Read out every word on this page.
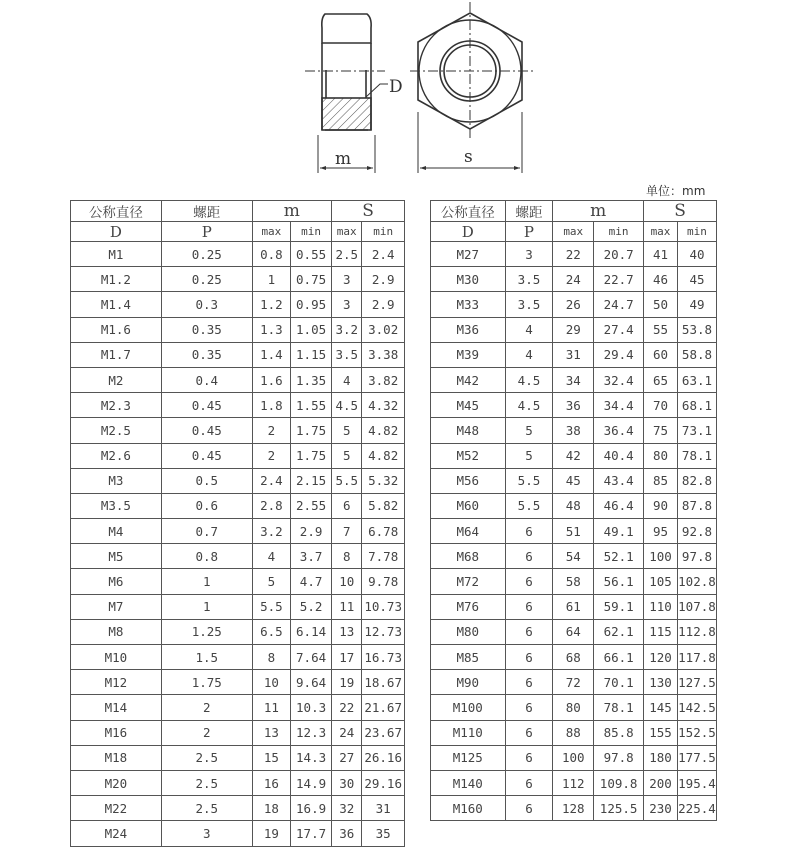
D
m	s
单位：mm
公称直径	螺距	m		S	

D	P	max	min	max	min
M1	0.25	0.8	0.55	2.5	2.4
M1.2	0.25	1	0.75	3	2.9
M1.4	0.3	1.2	0.95	3	2.9
M1.6	0.35	1.3	1.05	3.2	3.02
M1.7	0.35	1.4	1.15	3.5	3.38
M2	0.4	1.6	1.35	4	3.82
M2.3	0.45	1.8	1.55	4.5	4.32
M2.5	0.45	2	1.75	5	4.82
M2.6	0.45	2	1.75	5	4.82
M3	0.5	2.4	2.15	5.5	5.32
M3.5	0.6	2.8	2.55	6	5.82
M4	0.7	3.2	2.9	7	6.78
M5	0.8	4	3.7	8	7.78
M6	1	5	4.7	10	9.78
M7	1	5.5	5.2	11	10.73
M8	1.25	6.5	6.14	13	12.73
M10	1.5	8	7.64	17	16.73
M12	1.75	10	9.64	19	18.67
M14	2	11	10.3	22	21.67
M16	2	13	12.3	24	23.67
M18	2.5	15	14.3	27	26.16
M20	2.5	16	14.9	30	29.16
M22	2.5	18	16.9	32	31
M24	3	19	17.7	36	35
公称直径	螺距	m		S	

D	P	max	min	max	min
M27	3	22	20.7	41	40
M30	3.5	24	22.7	46	45
M33	3.5	26	24.7	50	49
M36	4	29	27.4	55	53.8
M39	4	31	29.4	60	58.8
M42	4.5	34	32.4	65	63.1
M45	4.5	36	34.4	70	68.1
M48	5	38	36.4	75	73.1
M52	5	42	40.4	80	78.1
M56	5.5	45	43.4	85	82.8
M60	5.5	48	46.4	90	87.8
M64	6	51	49.1	95	92.8
M68	6	54	52.1	100	97.8
M72	6	58	56.1	105	102.8
M76	6	61	59.1	110	107.8
M80	6	64	62.1	115	112.8
M85	6	68	66.1	120	117.8
M90	6	72	70.1	130	127.5
M100	6	80	78.1	145	142.5
M110	6	88	85.8	155	152.5
M125	6	100	97.8	180	177.5
M140	6	112	109.8	200	195.4
M160	6	128	125.5	230	225.4
